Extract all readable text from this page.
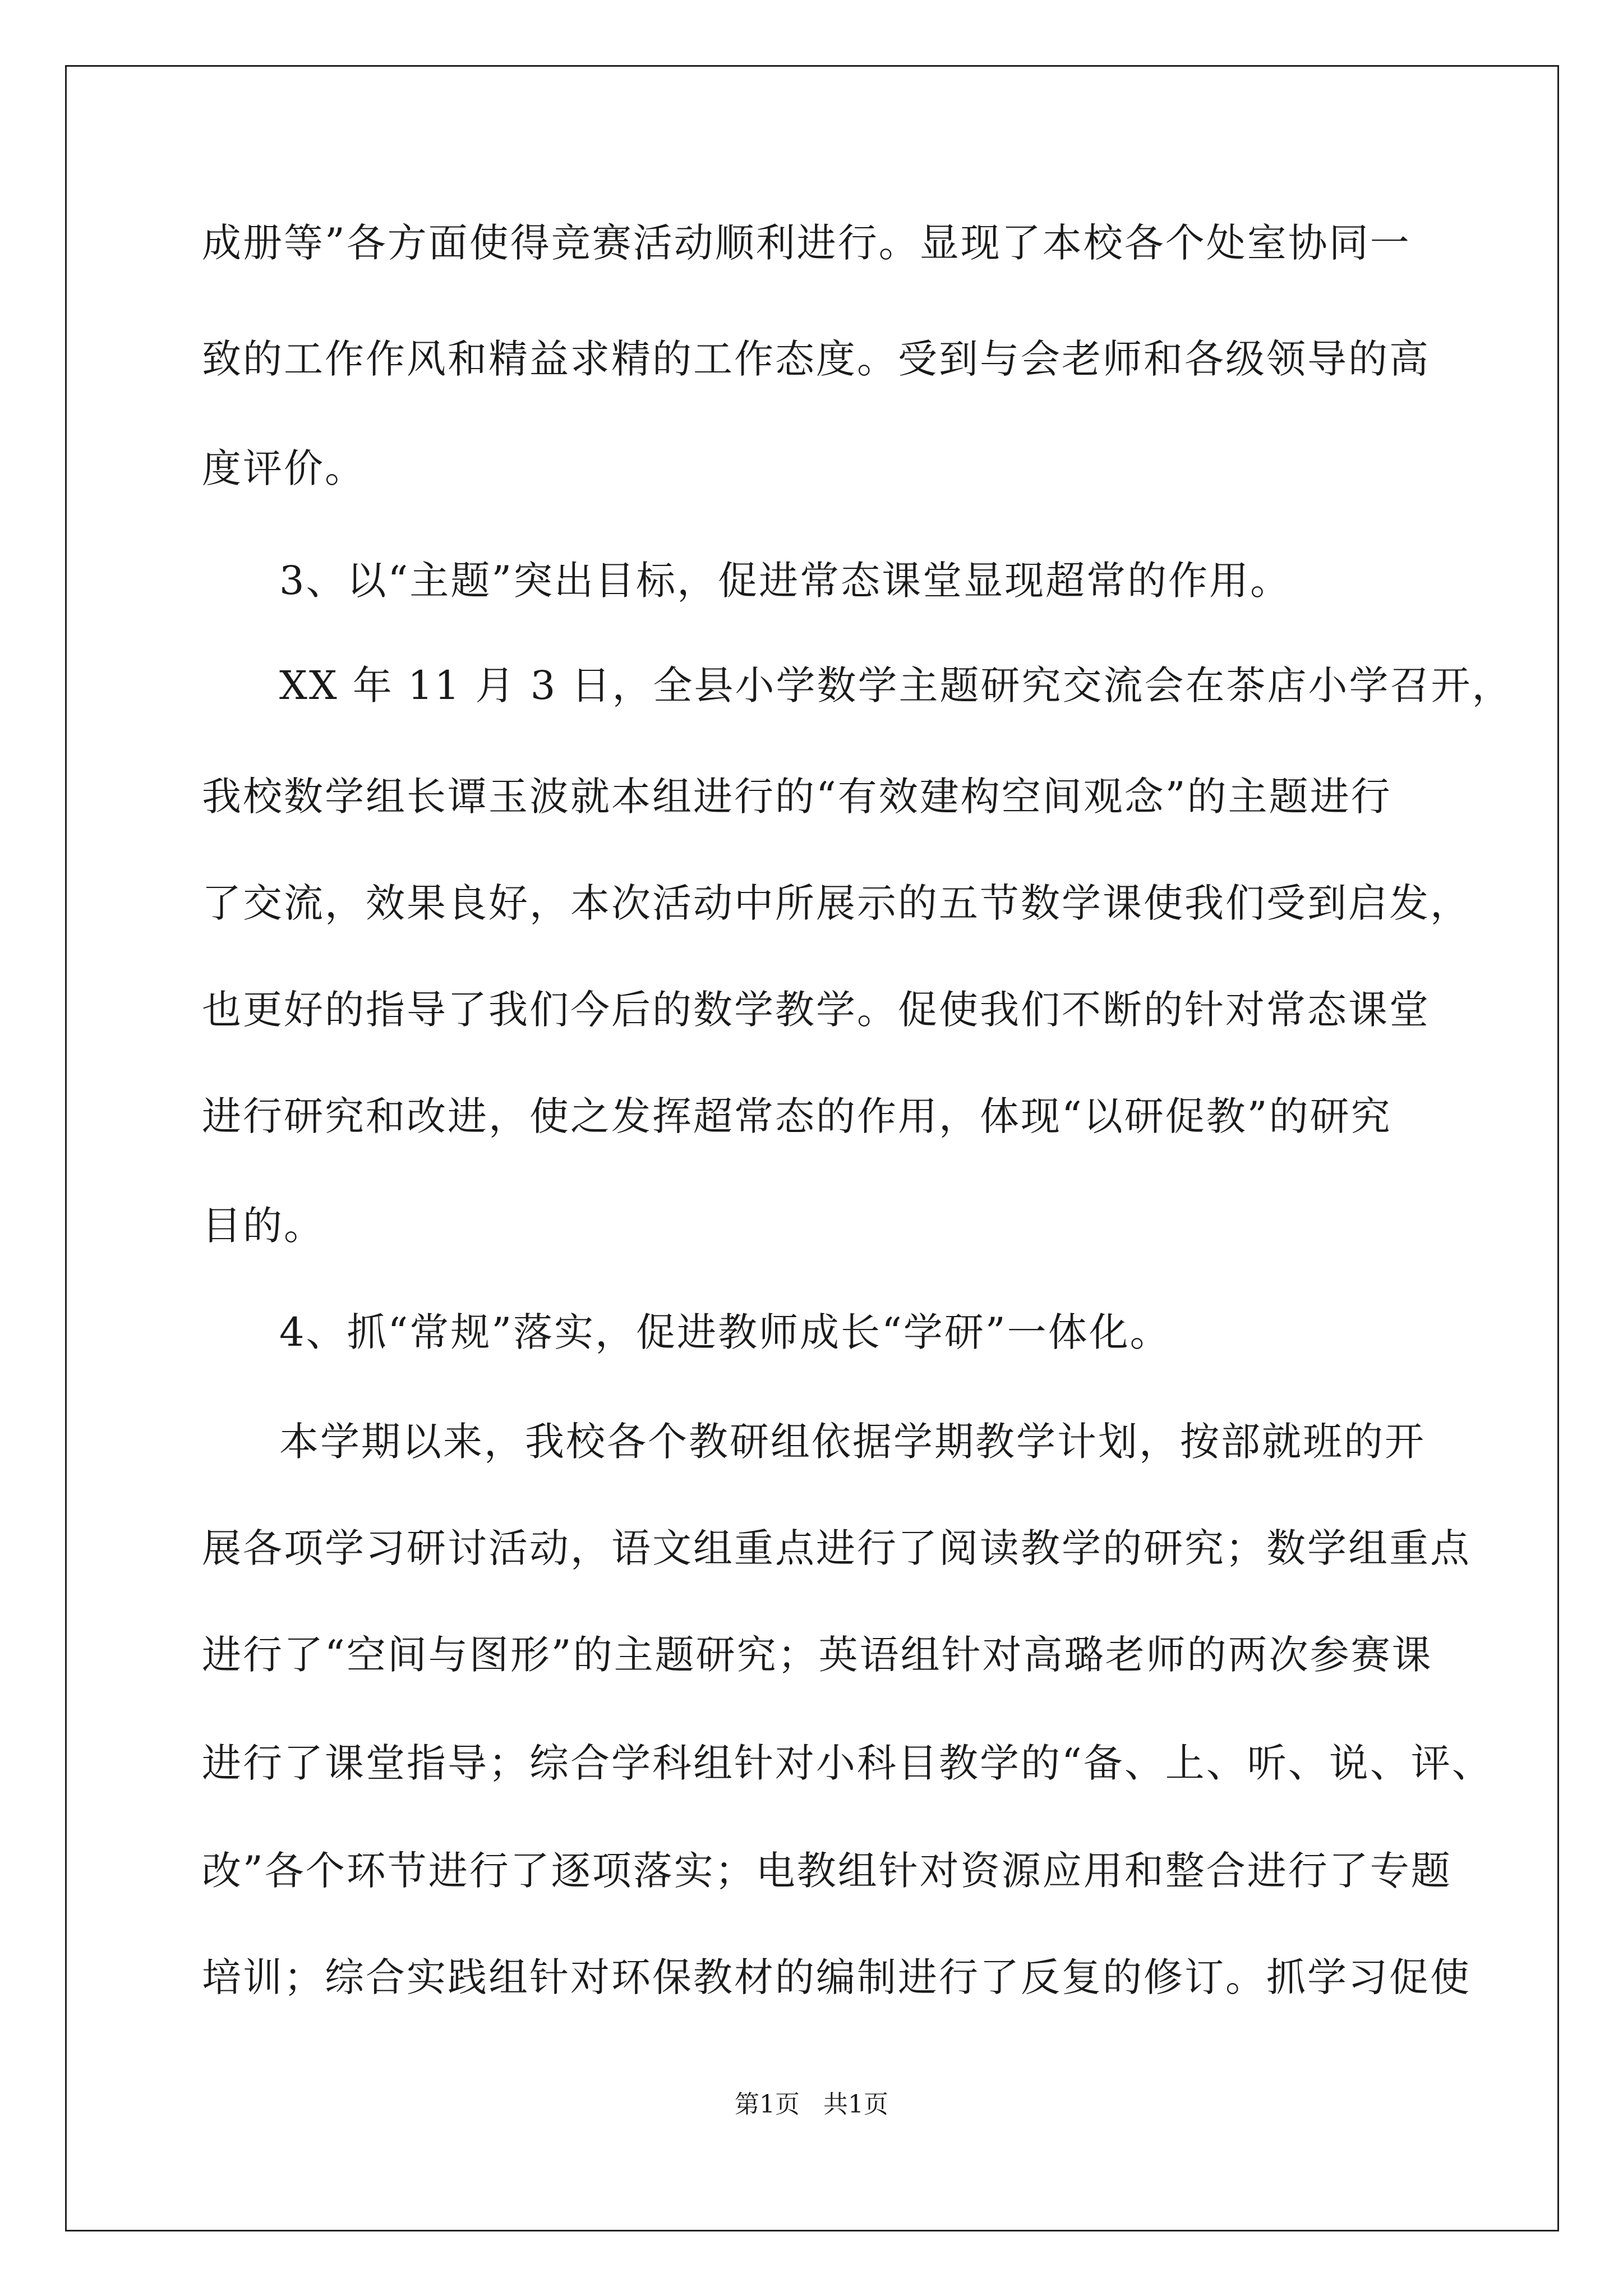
成册等”各方面使得竞赛活动顺利进行。显现了本校各个处室协同一
致的工作作风和精益求精的工作态度。受到与会老师和各级领导的高
度评价。
3、以“主题”突出目标，促进常态课堂显现超常的作用。
XX 年 11 月 3 日，全县小学数学主题研究交流会在茶店小学召开，
我校数学组长谭玉波就本组进行的“有效建构空间观念”的主题进行
了交流，效果良好，本次活动中所展示的五节数学课使我们受到启发，
也更好的指导了我们今后的数学教学。促使我们不断的针对常态课堂
进行研究和改进，使之发挥超常态的作用，体现“以研促教”的研究
目的。
4、抓“常规”落实，促进教师成长“学研”一体化。
本学期以来，我校各个教研组依据学期教学计划，按部就班的开
展各项学习研讨活动，语文组重点进行了阅读教学的研究；数学组重点
进行了“空间与图形”的主题研究；英语组针对高璐老师的两次参赛课
进行了课堂指导；综合学科组针对小科目教学的“备、上、听、说、评、
改”各个环节进行了逐项落实；电教组针对资源应用和整合进行了专题
培训；综合实践组针对环保教材的编制进行了反复的修订。抓学习促使
第1页   共1页
